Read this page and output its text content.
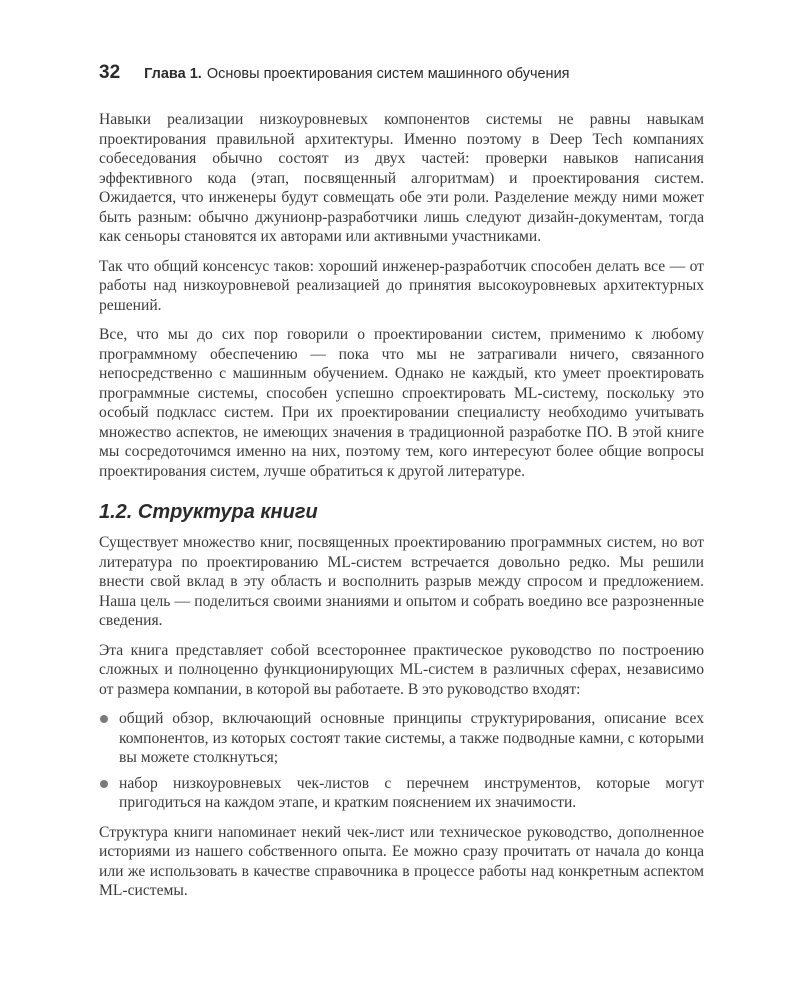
32 Глава 1. Основы проектирования систем машинного обучения

Навыки реализации низкоуровневых компонентов системы не равны навыкам проектирования правильной архитектуры. Именно поэтому в Deep Tech компаниях собеседования обычно состоят из двух частей: проверки навыков написания эффективного кода (этап, посвященный алгоритмам) и проектирования систем. Ожидается, что инженеры будут совмещать обе эти роли. Разделение между ними может быть разным: обычно джунионр-разработчики лишь следуют дизайн-документам, тогда как сеньоры становятся их авторами или активными участниками.

Так что общий консенсус таков: хороший инженер-разработчик способен делать все — от работы над низкоуровневой реализацией до принятия высокоуровневых архитектурных решений.

Все, что мы до сих пор говорили о проектировании систем, применимо к любому программному обеспечению — пока что мы не затрагивали ничего, связанного непосредственно с машинным обучением. Однако не каждый, кто умеет проектировать программные системы, способен успешно спроектировать ML-систему, поскольку это особый подкласс систем. При их проектировании специалисту необходимо учитывать множество аспектов, не имеющих значения в традиционной разработке ПО. В этой книге мы сосредоточимся именно на них, поэтому тем, кого интересуют более общие вопросы проектирования систем, лучше обратиться к другой литературе.

1.2. Структура книги

Существует множество книг, посвященных проектированию программных систем, но вот литература по проектированию ML-систем встречается довольно редко. Мы решили внести свой вклад в эту область и восполнить разрыв между спросом и предложением. Наша цель — поделиться своими знаниями и опытом и собрать воедино все разрозненные сведения.

Эта книга представляет собой всестороннее практическое руководство по построению сложных и полноценно функционирующих ML-систем в различных сферах, независимо от размера компании, в которой вы работаете. В это руководство входят:

общий обзор, включающий основные принципы структурирования, описание всех компонентов, из которых состоят такие системы, а также подводные камни, с которыми вы можете столкнуться;
набор низкоуровневых чек-листов с перечнем инструментов, которые могут пригодиться на каждом этапе, и кратким пояснением их значимости.

Структура книги напоминает некий чек-лист или техническое руководство, дополненное историями из нашего собственного опыта. Ее можно сразу прочитать от начала до конца или же использовать в качестве справочника в процессе работы над конкретным аспектом ML-системы.
